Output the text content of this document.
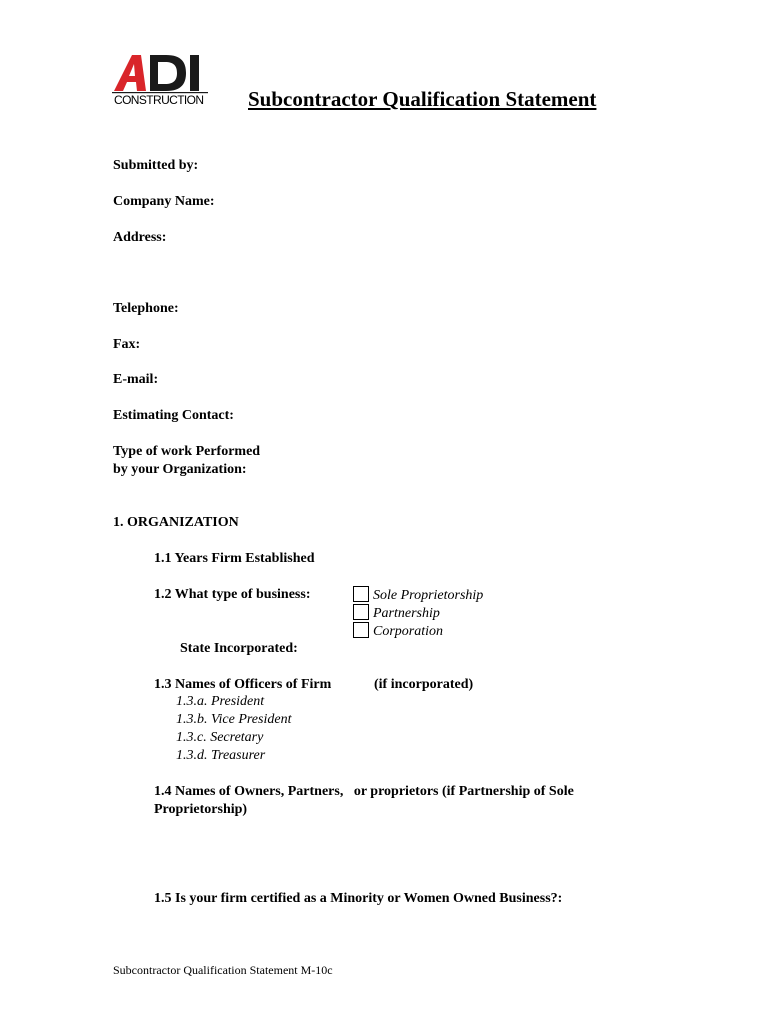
CONSTRUCTION Subcontractor Qualification Statement
Submitted by:
Company Name:
Address:
Telephone:
Fax:
E-mail:
Estimating Contact:
Type of work Performed
by your Organization:
1. ORGANIZATION
1.1 Years Firm Established
1.2 What type of business:	Sole Proprietorship
Partnership
Corporation
State Incorporated:
1.3 Names of Officers of Firm	(if incorporated)
1.3.a. President
1.3.b. Vice President
1.3.c. Secretary
1.3.d. Treasurer
1.4 Names of Owners, Partners,   or proprietors (if Partnership of Sole
Proprietorship)
1.5 Is your firm certified as a Minority or Women Owned Business?:
Subcontractor Qualification Statement M-10c
